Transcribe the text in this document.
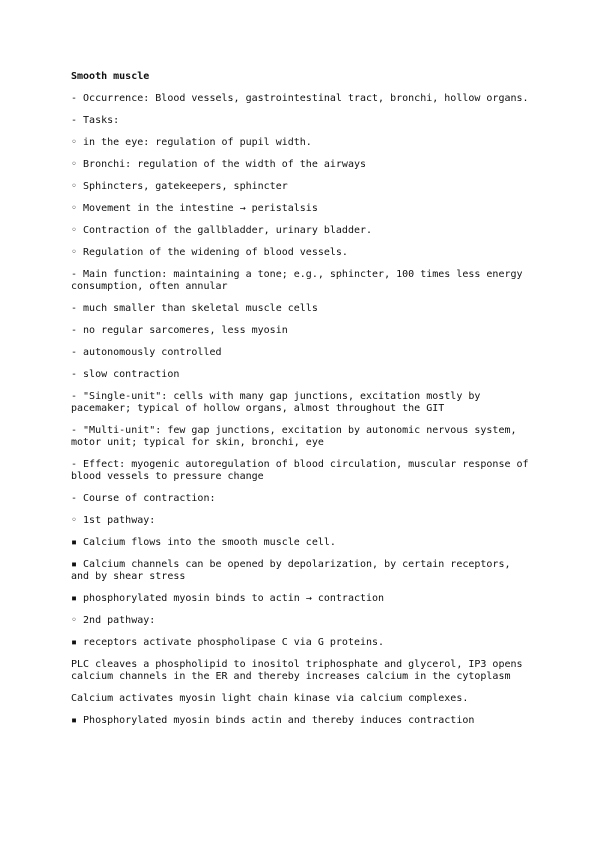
Smooth muscle
- Occurrence: Blood vessels, gastrointestinal tract, bronchi, hollow organs.
- Tasks:
◦ in the eye: regulation of pupil width.
◦ Bronchi: regulation of the width of the airways
◦ Sphincters, gatekeepers, sphincter
◦ Movement in the intestine → peristalsis
◦ Contraction of the gallbladder, urinary bladder.
◦ Regulation of the widening of blood vessels.
- Main function: maintaining a tone; e.g., sphincter, 100 times less energy consumption, often annular
- much smaller than skeletal muscle cells
- no regular sarcomeres, less myosin
- autonomously controlled
- slow contraction
- "Single-unit": cells with many gap junctions, excitation mostly by pacemaker; typical of hollow organs, almost throughout the GIT
- "Multi-unit": few gap junctions, excitation by autonomic nervous system, motor unit; typical for skin, bronchi, eye
- Effect: myogenic autoregulation of blood circulation, muscular response of blood vessels to pressure change
- Course of contraction:
◦ 1st pathway:
▪ Calcium flows into the smooth muscle cell.
▪ Calcium channels can be opened by depolarization, by certain receptors, and by shear stress
▪ phosphorylated myosin binds to actin → contraction
◦ 2nd pathway:
▪ receptors activate phospholipase C via G proteins.
PLC cleaves a phospholipid to inositol triphosphate and glycerol, IP3 opens calcium channels in the ER and thereby increases calcium in the cytoplasm
Calcium activates myosin light chain kinase via calcium complexes.
▪ Phosphorylated myosin binds actin and thereby induces contraction
